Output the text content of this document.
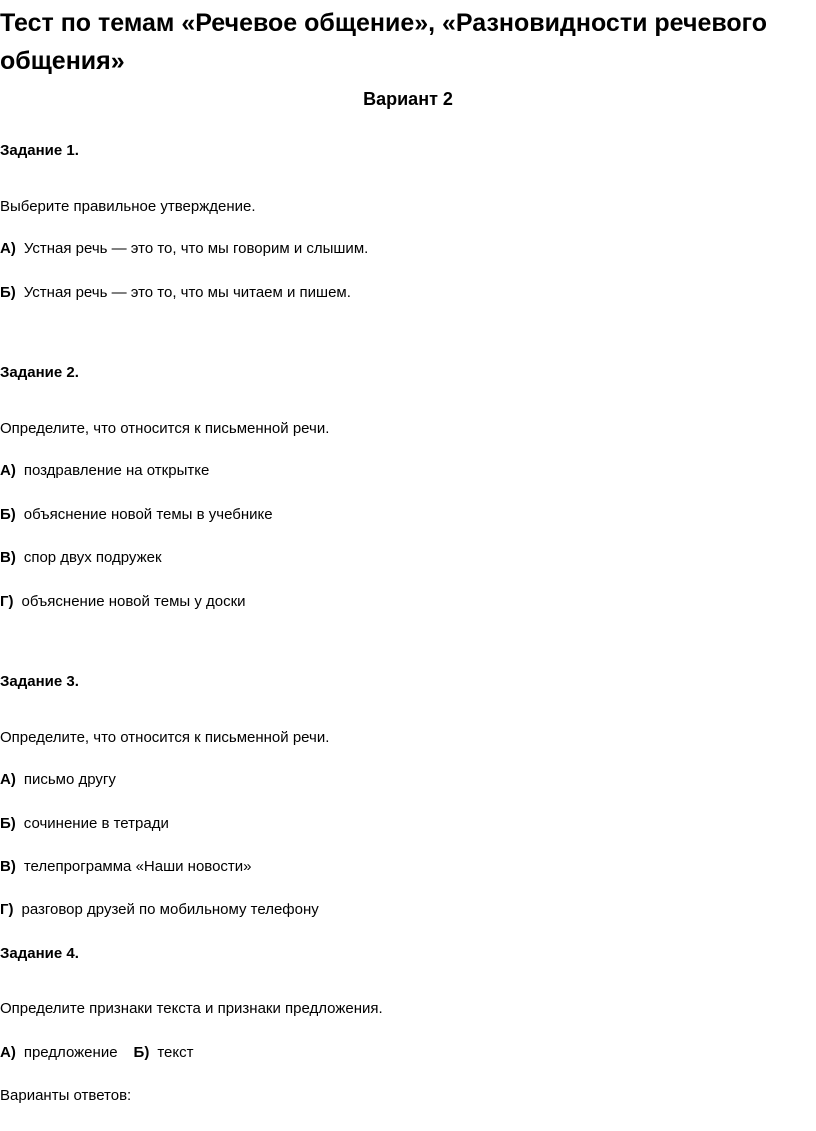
Тест по темам «Речевое общение», «Разновидности речевого общения»
Вариант 2
Задание 1.
Выберите правильное утверждение.
А) Устная речь — это то, что мы говорим и слышим.
Б) Устная речь — это то, что мы читаем и пишем.
Задание 2.
Определите, что относится к письменной речи.
А) поздравление на открытке
Б) объяснение новой темы в учебнике
В) спор двух подружек
Г) объяснение новой темы у доски
Задание 3.
Определите, что относится к письменной речи.
А) письмо другу
Б) сочинение в тетради
В) телепрограмма «Наши новости»
Г) разговор друзей по мобильному телефону
Задание 4.
Определите признаки текста и признаки предложения.
А) предложение Б) текст
Варианты ответов:
